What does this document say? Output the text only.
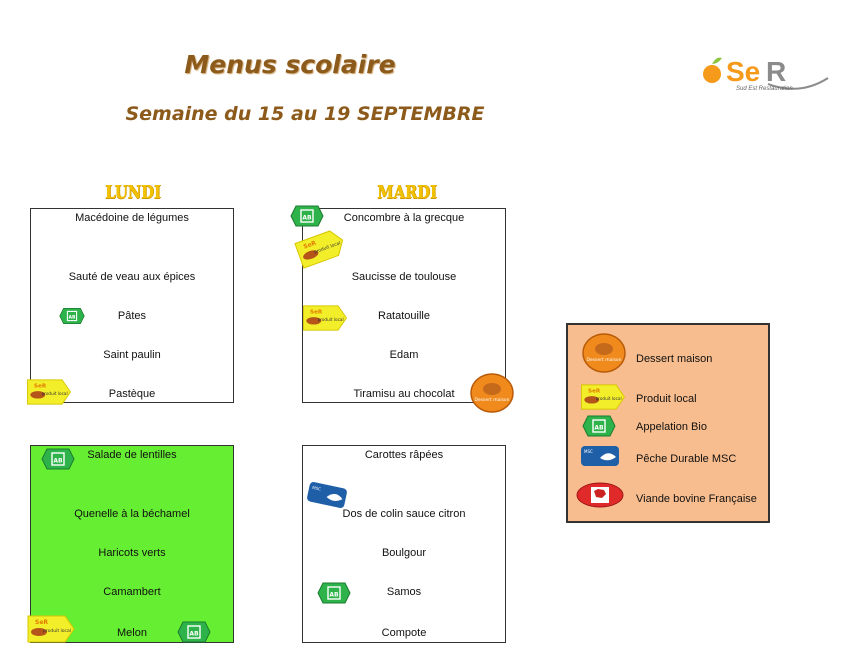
Menus scolaire
Semaine du 15 au 19 SEPTEMBRE
Se R
Sud Est Restauration
LUNDI	MARDI
Macédoine de légumes
Sauté de veau aux épices
Pâtes
Saint paulin
Pastèque
Concombre à la grecque
Saucisse de toulouse
Ratatouille
Edam
Tiramisu au chocolat
Salade de lentilles
Quenelle à la béchamel
Haricots verts
Camambert
Melon
Carottes râpées
Dos de colin sauce citron
Boulgour
Samos
Compote
Dessert maison
Produit local
Appelation Bio
Pêche Durable MSC
Viande bovine Française
